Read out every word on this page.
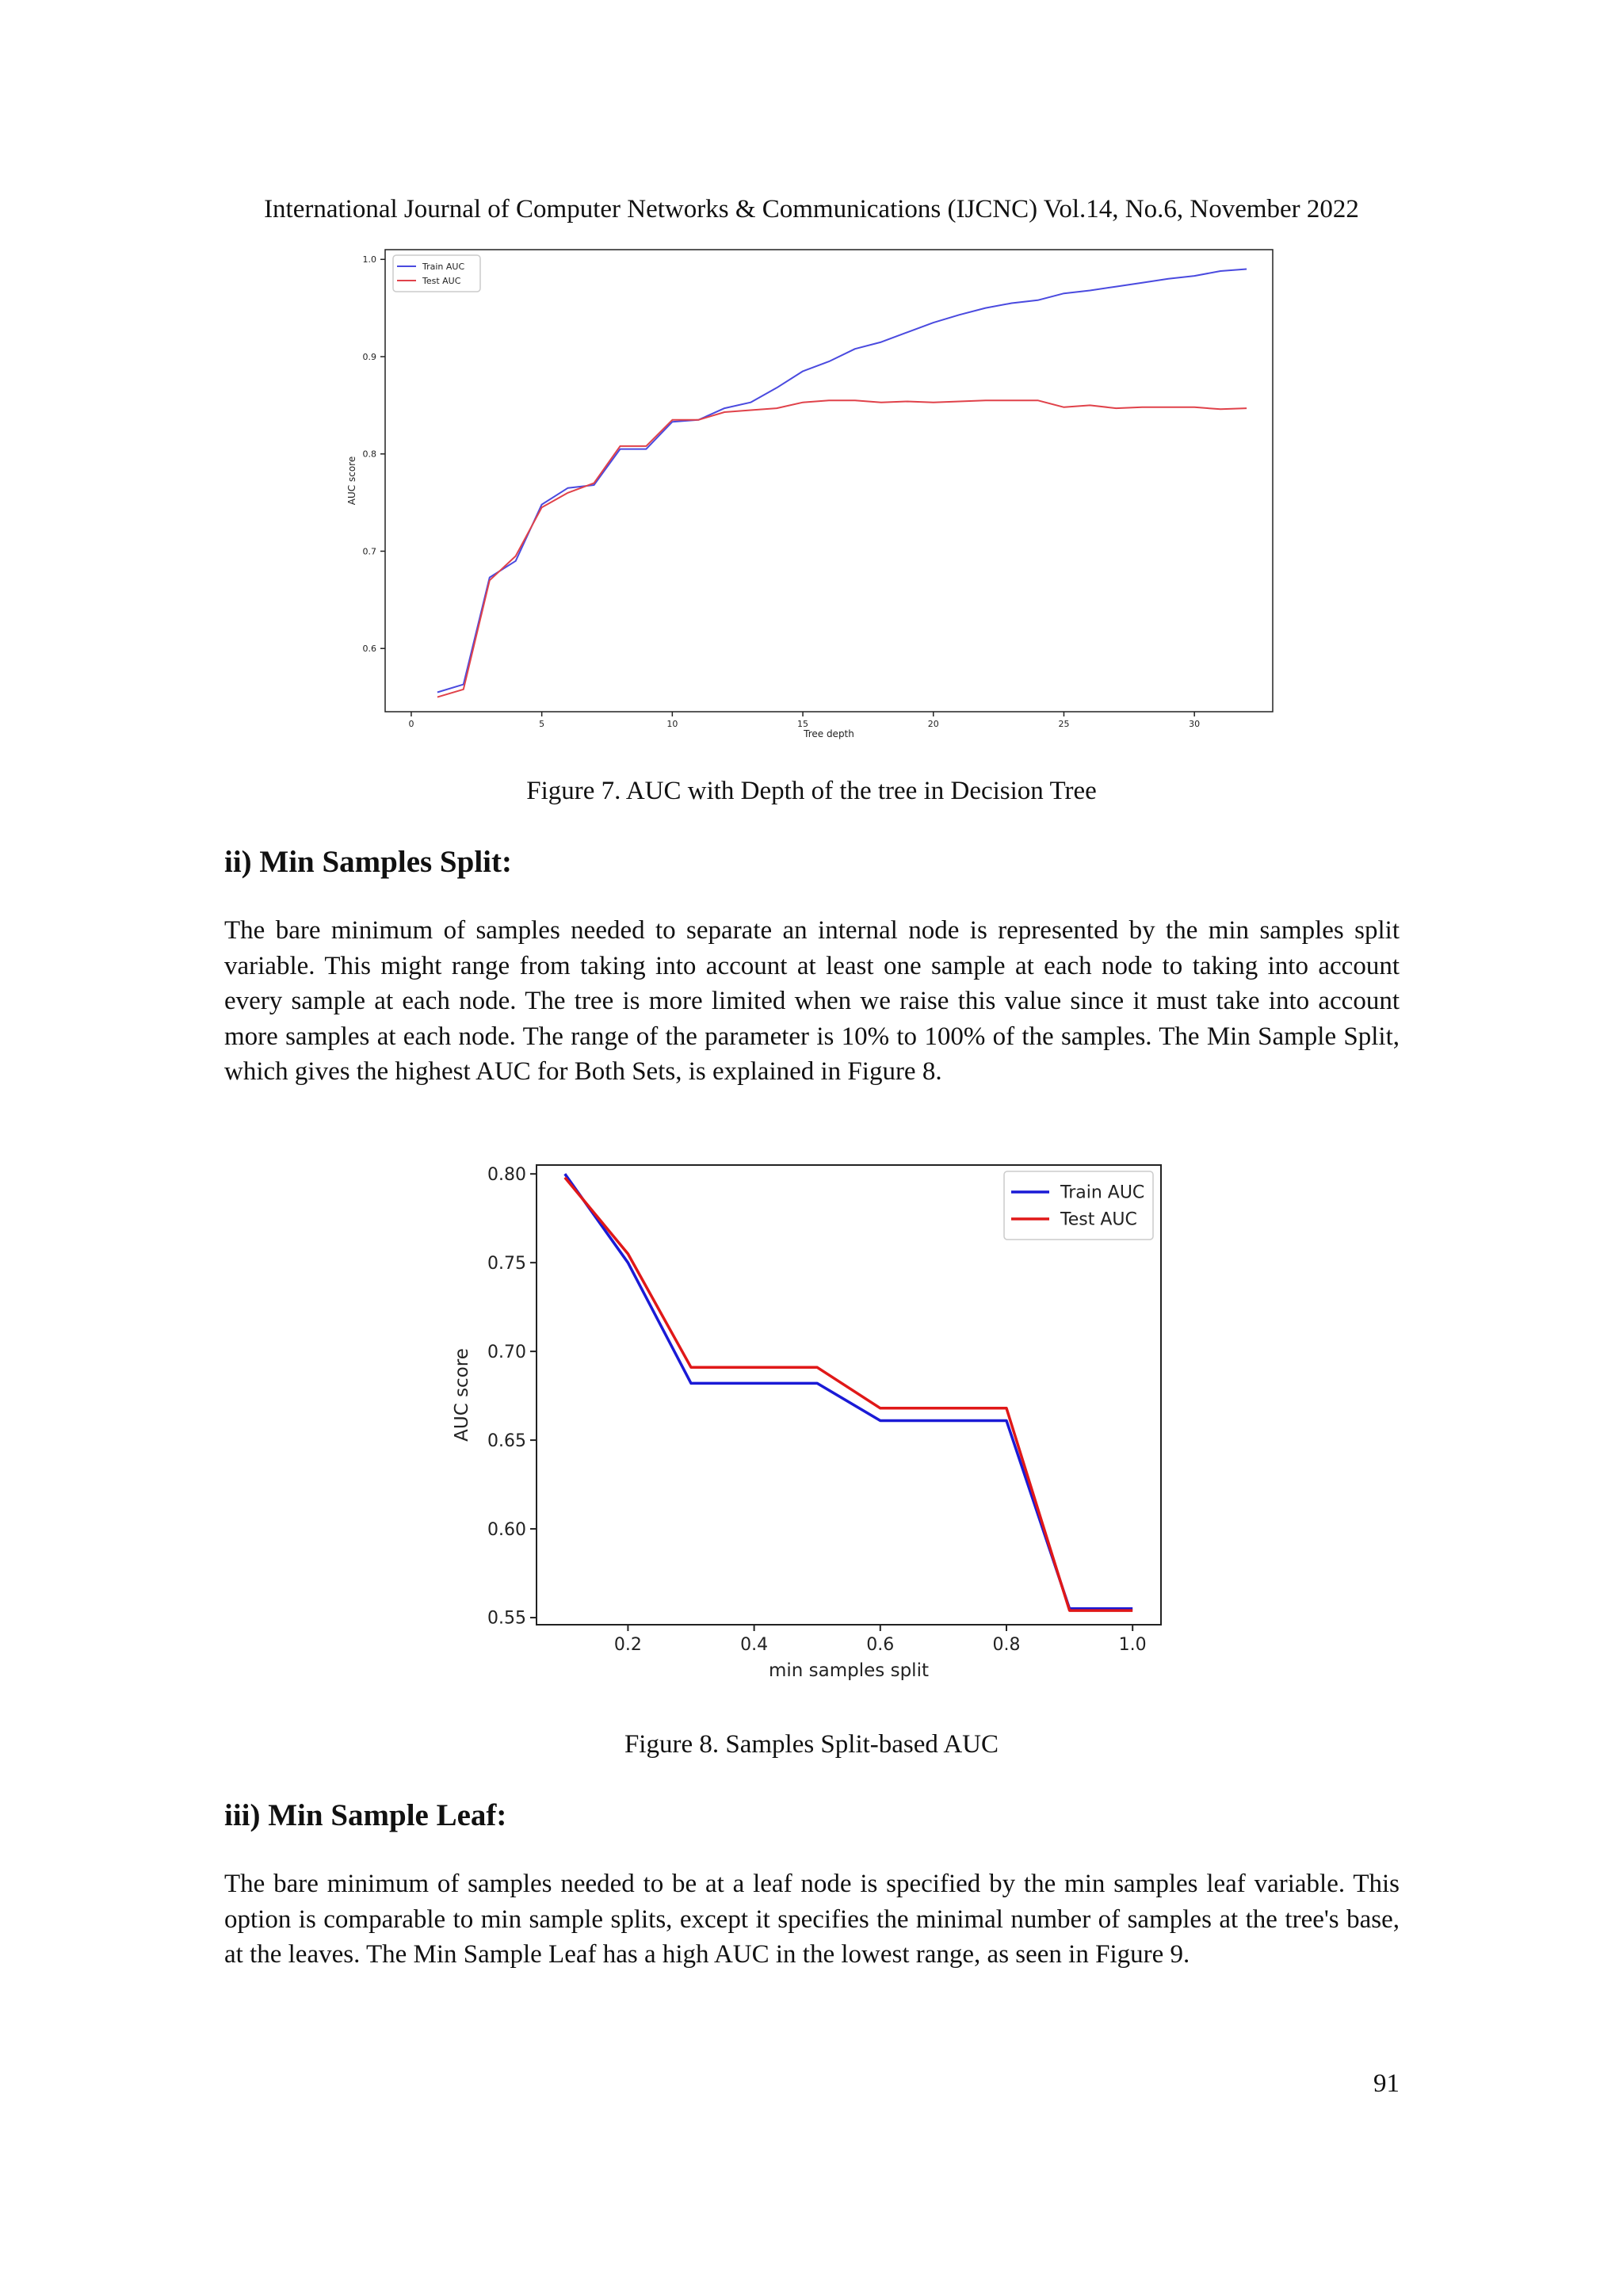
International Journal of Computer Networks & Communications (IJCNC) Vol.14, No.6, November 2022
0	5	10	15	20	25	30
0.6
0.7
0.8
0.9
1.0
Tree depth
AUC score
Train AUC
Test AUC
Figure 7. AUC with Depth of the tree in Decision Tree
ii) Min Samples Split:

The bare minimum of samples needed to separate an internal node is represented by the min samples split variable. This might range from taking into account at least one sample at each node to taking into account every sample at each node. The tree is more limited when we raise this value since it must take into account more samples at each node. The range of the parameter is 10% to 100% of the samples. The Min Sample Split, which gives the highest AUC for Both Sets, is explained in Figure 8.

0.2	0.4	0.6	0.8	1.0
0.55
0.60
0.65
0.70
0.75
0.80
min samples split
AUC score
Train AUC
Test AUC
Figure 8. Samples Split-based AUC
iii) Min Sample Leaf:

The bare minimum of samples needed to be at a leaf node is specified by the min samples leaf variable. This option is comparable to min sample splits, except it specifies the minimal number of samples at the tree's base, at the leaves. The Min Sample Leaf has a high AUC in the lowest range, as seen in Figure 9.

91
